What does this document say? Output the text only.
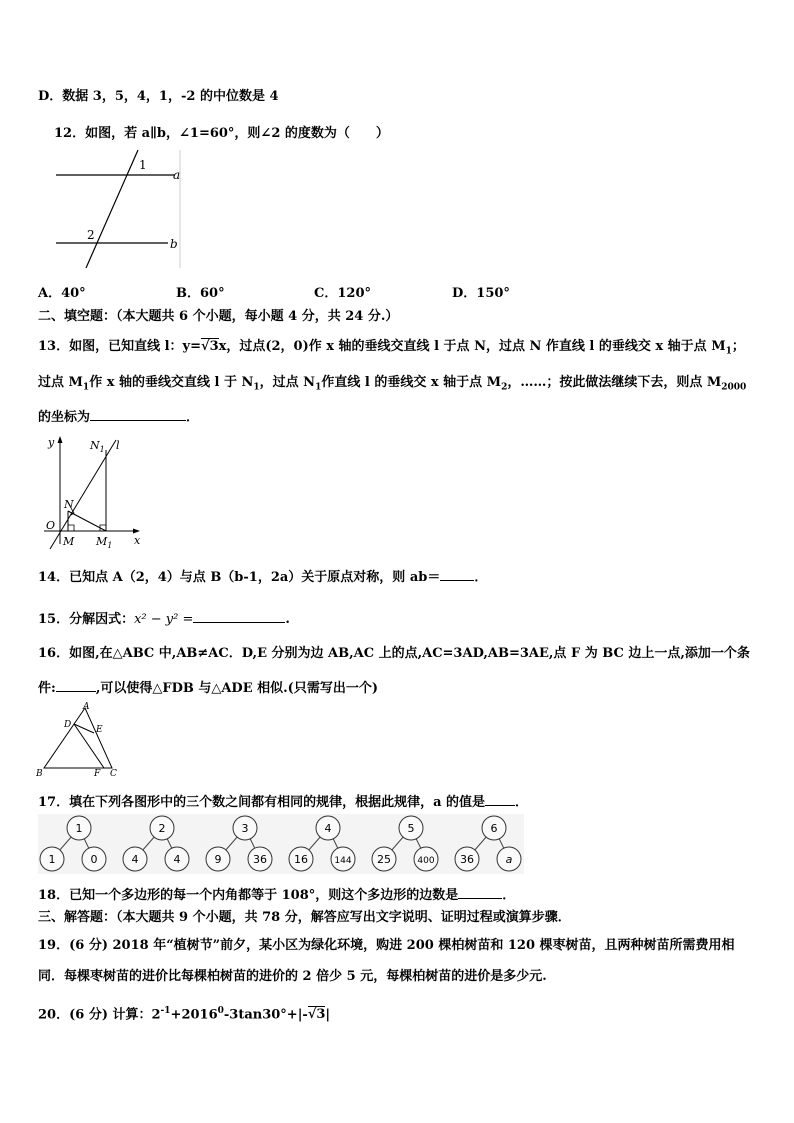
D．数据 3，5，4，1，-2 的中位数是 4
12．如图，若 a∥b，∠1=60°，则∠2 的度数为（　　）
1
2
a
b
A．40°	B．60°	C．120°	D．150°
二、填空题：（本大题共 6 个小题，每小题 4 分，共 24 分.）
13．如图，已知直线 l：y=√3x，过点(2，0)作 x 轴的垂线交直线 l 于点 N，过点 N 作直线 l 的垂线交 x 轴于点 $M_1$；
过点 $M_1$作 x 轴的垂线交直线 l 于 $N_1$，过点 $N_1$作直线 l 的垂线交 x 轴于点 $M_2$，……；按此做法继续下去，则点 $M_{2000}$
的坐标为	．
y
x
O
N
M
$N_1$
$M_1$
l
14．已知点 A（2，4）与点 B（b-1，2a）关于原点对称，则 ab＝	．
15．分解因式：x² − y² =	.
16．如图,在△ABC 中,AB≠AC．D,E 分别为边 AB,AC 上的点,AC=3AD,AB=3AE,点 F 为 BC 边上一点,添加一个条
件:	,可以使得△FDB 与△ADE 相似.(只需写出一个)
A
D	E
B	F C
17．填在下列各图形中的三个数之间都有相同的规律，根据此规律，a 的值是 ．
1
1	0
2
4	4
3
9	36
4
16	144
5
25	400
6
36	a
18．已知一个多边形的每一个内角都等于 108°，则这个多边形的边数是	．
三、解答题：（本大题共 9 个小题，共 78 分，解答应写出文字说明、证明过程或演算步骤．
19．(6 分) 2018 年“植树节”前夕，某小区为绿化环境，购进 200 棵柏树苗和 120 棵枣树苗，且两种树苗所需费用相
同．每棵枣树苗的进价比每棵柏树苗的进价的 2 倍少 5 元，每棵柏树苗的进价是多少元.
20．(6 分) 计算：$2^{-1}+2016^0-3\tan 30^\circ+|-√3|$
